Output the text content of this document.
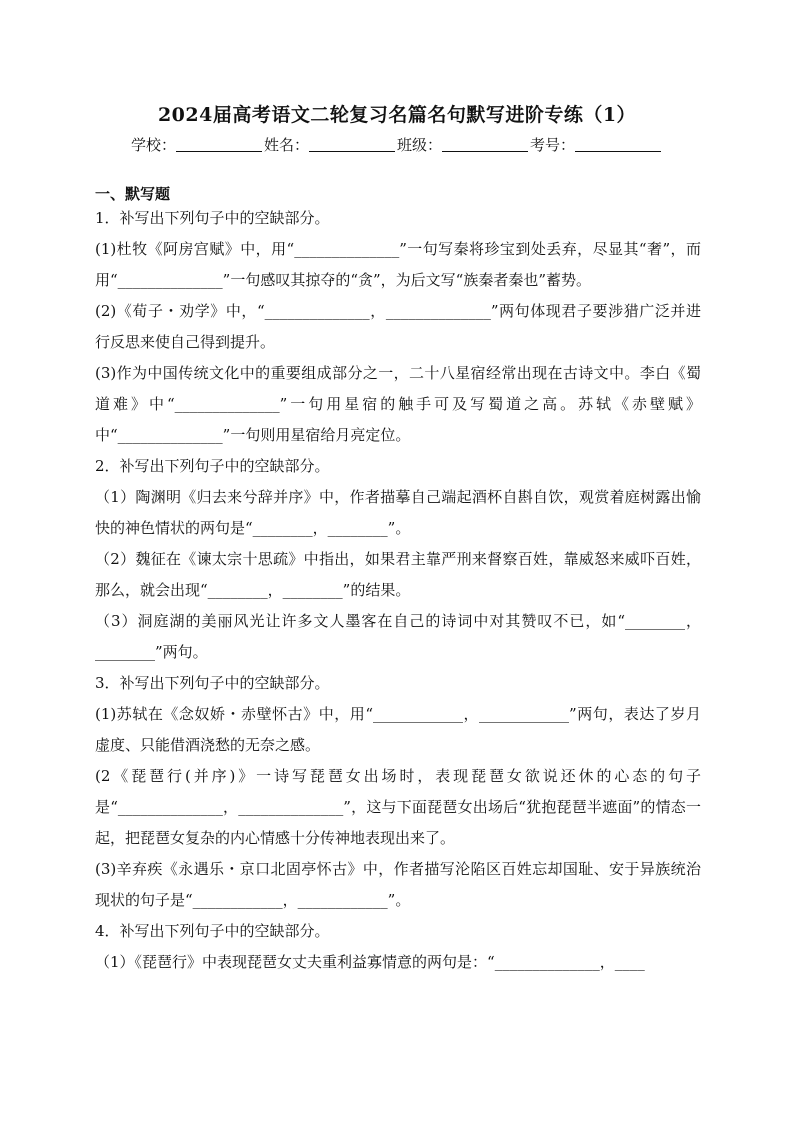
2024届高考语文二轮复习名篇名句默写进阶专练（1）
学校：	姓名：	班级：	考号：
一、默写题

1．补写出下列句子中的空缺部分。

(1)杜牧《阿房宫赋》中，用“______________”一句写秦将珍宝到处丢弃，尽显其“奢”，而用“______________”一句感叹其掠夺的“贪”，为后文写“族秦者秦也”蓄势。

(2)《荀子・劝学》中，“______________，______________”两句体现君子要涉猎广泛并进行反思来使自己得到提升。

(3)作为中国传统文化中的重要组成部分之一，二十八星宿经常出现在古诗文中。李白《蜀道难》中“______________”一句用星宿的触手可及写蜀道之高。苏轼《赤壁赋》中“______________”一句则用星宿给月亮定位。

2．补写出下列句子中的空缺部分。

（1）陶渊明《归去来兮辞并序》中，作者描摹自己端起酒杯自斟自饮，观赏着庭树露出愉快的神色情状的两句是“________，________”。

（2）魏征在《谏太宗十思疏》中指出，如果君主靠严刑来督察百姓，靠威怒来威吓百姓，那么，就会出现“________，________”的结果。

（3）洞庭湖的美丽风光让许多文人墨客在自己的诗词中对其赞叹不已，如“________，________”两句。

3．补写出下列句子中的空缺部分。

(1)苏轼在《念奴娇・赤壁怀古》中，用“____________，____________”两句，表达了岁月虚度、只能借酒浇愁的无奈之感。

(2《琵琶行(并序)》一诗写琵琶女出场时，表现琵琶女欲说还休的心态的句子是“______________，______________”，这与下面琵琶女出场后“犹抱琵琶半遮面”的情态一起，把琵琶女复杂的内心情感十分传神地表现出来了。

(3)辛弃疾《永遇乐・京口北固亭怀古》中，作者描写沦陷区百姓忘却国耻、安于异族统治现状的句子是“____________，____________”。

4．补写出下列句子中的空缺部分。

（1）《琵琶行》中表现琵琶女丈夫重利益寡情意的两句是：“______________，____
